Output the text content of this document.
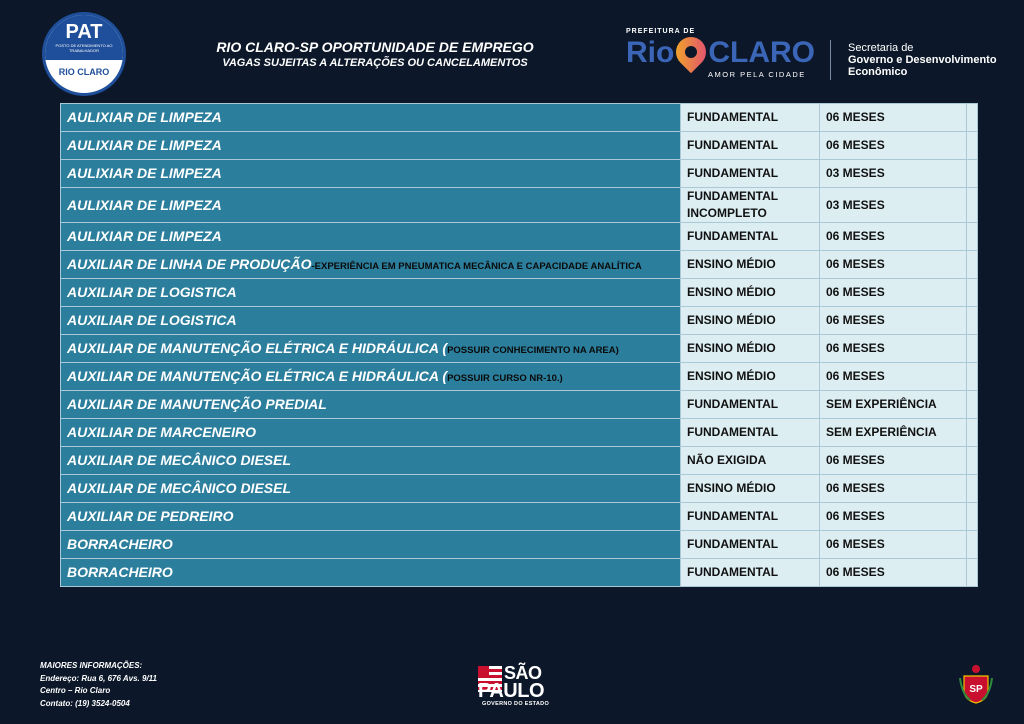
PAT
POSTO DE ATENDIMENTO AO TRABALHADOR
RIO CLARO
RIO CLARO-SP OPORTUNIDADE DE EMPREGO
VAGAS SUJEITAS A ALTERAÇÕES OU CANCELAMENTOS
PREFEITURA DE
Rio CLARO
AMOR PELA CIDADE
Secretaria de
Governo e Desenvolvimento
Econômico
AULIXIAR DE LIMPEZA	FUNDAMENTAL	06 MESES	
AULIXIAR DE LIMPEZA	FUNDAMENTAL	06 MESES	
AULIXIAR DE LIMPEZA	FUNDAMENTAL	03 MESES	
AULIXIAR DE LIMPEZA	FUNDAMENTAL INCOMPLETO	03 MESES	
AULIXIAR DE LIMPEZA	FUNDAMENTAL	06 MESES	
AUXILIAR DE LINHA DE PRODUÇÃO-EXPERIÊNCIA EM PNEUMATICA MECÂNICA E CAPACIDADE ANALÍTICA	ENSINO MÉDIO	06 MESES	
AUXILIAR DE LOGISTICA	ENSINO MÉDIO	06 MESES	
AUXILIAR DE LOGISTICA	ENSINO MÉDIO	06 MESES	
AUXILIAR DE MANUTENÇÃO ELÉTRICA E HIDRÁULICA (POSSUIR CONHECIMENTO NA AREA)	ENSINO MÉDIO	06 MESES	
AUXILIAR DE MANUTENÇÃO ELÉTRICA E HIDRÁULICA (POSSUIR CURSO NR-10.)	ENSINO MÉDIO	06 MESES	
AUXILIAR DE MANUTENÇÃO PREDIAL	FUNDAMENTAL	SEM EXPERIÊNCIA	
AUXILIAR DE MARCENEIRO	FUNDAMENTAL	SEM EXPERIÊNCIA	
AUXILIAR DE MECÂNICO DIESEL	NÃO EXIGIDA	06 MESES	
AUXILIAR DE MECÂNICO DIESEL	ENSINO MÉDIO	06 MESES	
AUXILIAR DE PEDREIRO	FUNDAMENTAL	06 MESES	
BORRACHEIRO	FUNDAMENTAL	06 MESES	
BORRACHEIRO	FUNDAMENTAL	06 MESES	
MAIORES INFORMAÇÕES:
Endereço: Rua 6, 676 Avs. 9/11
Centro – Rio Claro
Contato: (19) 3524-0504
SÃO
PAULO
GOVERNO DO ESTADO
SP
